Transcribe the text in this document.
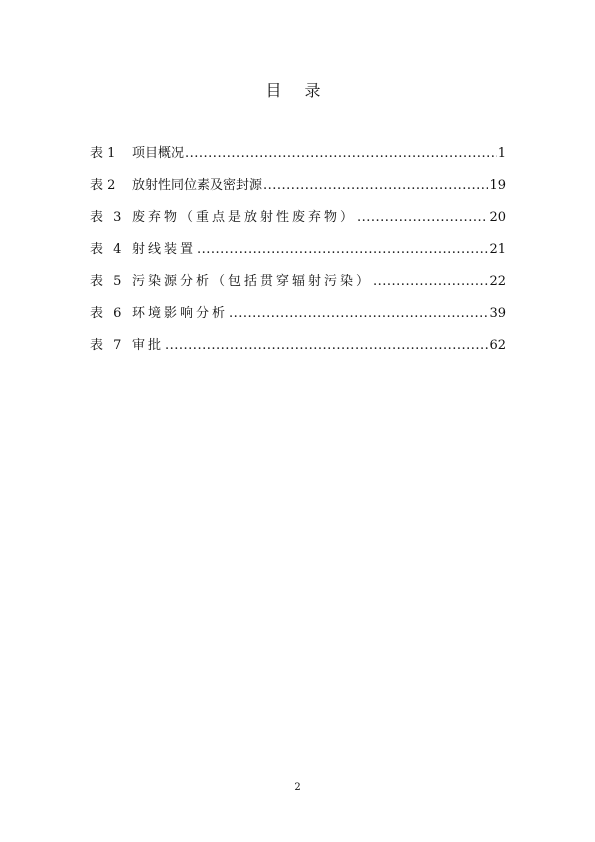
目 录
表 1	项目概况 .....	1
表 2	放射性同位素及密封源 .....	19
表 3 废弃物（重点是放射性废弃物） .....	20
表 4 射线装置 .....	21
表 5 污染源分析（包括贯穿辐射污染） .....	22
表 6 环境影响分析 .....	39
表 7 审批 .....	62
2
